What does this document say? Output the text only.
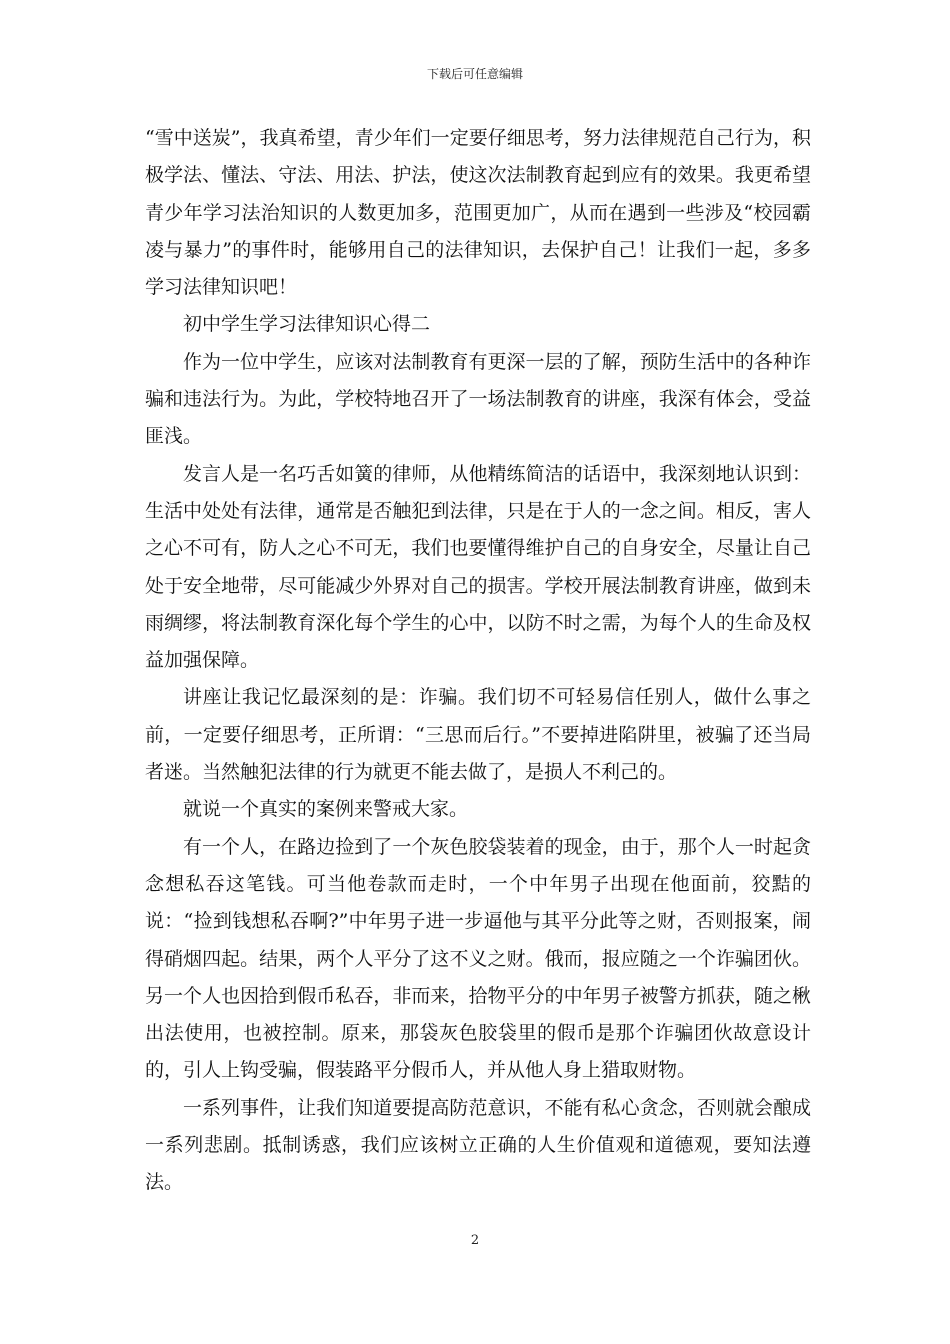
下载后可任意编辑

“雪中送炭”，我真希望，青少年们一定要仔细思考，努力法律规范自己行为，积极学法、懂法、守法、用法、护法，使这次法制教育起到应有的效果。我更希望青少年学习法治知识的人数更加多，范围更加广，从而在遇到一些涉及“校园霸凌与暴力”的事件时，能够用自己的法律知识，去保护自己！让我们一起，多多学习法律知识吧！

初中学生学习法律知识心得二

作为一位中学生，应该对法制教育有更深一层的了解，预防生活中的各种诈骗和违法行为。为此，学校特地召开了一场法制教育的讲座，我深有体会，受益匪浅。

发言人是一名巧舌如簧的律师，从他精练简洁的话语中，我深刻地认识到：生活中处处有法律，通常是否触犯到法律，只是在于人的一念之间。相反，害人之心不可有，防人之心不可无，我们也要懂得维护自己的自身安全，尽量让自己处于安全地带，尽可能减少外界对自己的损害。学校开展法制教育讲座，做到未雨绸缪，将法制教育深化每个学生的心中，以防不时之需，为每个人的生命及权益加强保障。

讲座让我记忆最深刻的是：诈骗。我们切不可轻易信任别人，做什么事之前，一定要仔细思考，正所谓：“三思而后行。”不要掉进陷阱里，被骗了还当局者迷。当然触犯法律的行为就更不能去做了，是损人不利己的。

就说一个真实的案例来警戒大家。

有一个人，在路边捡到了一个灰色胶袋装着的现金，由于，那个人一时起贪念想私吞这笔钱。可当他卷款而走时，一个中年男子出现在他面前，狡黠的说：“捡到钱想私吞啊?”中年男子进一步逼他与其平分此等之财，否则报案，闹得硝烟四起。结果，两个人平分了这不义之财。俄而，报应随之一个诈骗团伙。另一个人也因拾到假币私吞，非而来，拾物平分的中年男子被警方抓获，随之楸出法使用，也被控制。原来，那袋灰色胶袋里的假币是那个诈骗团伙故意设计的，引人上钩受骗，假装路平分假币人，并从他人身上猎取财物。

一系列事件，让我们知道要提高防范意识，不能有私心贪念，否则就会酿成一系列悲剧。抵制诱惑，我们应该树立正确的人生价值观和道德观，要知法遵法。

2
